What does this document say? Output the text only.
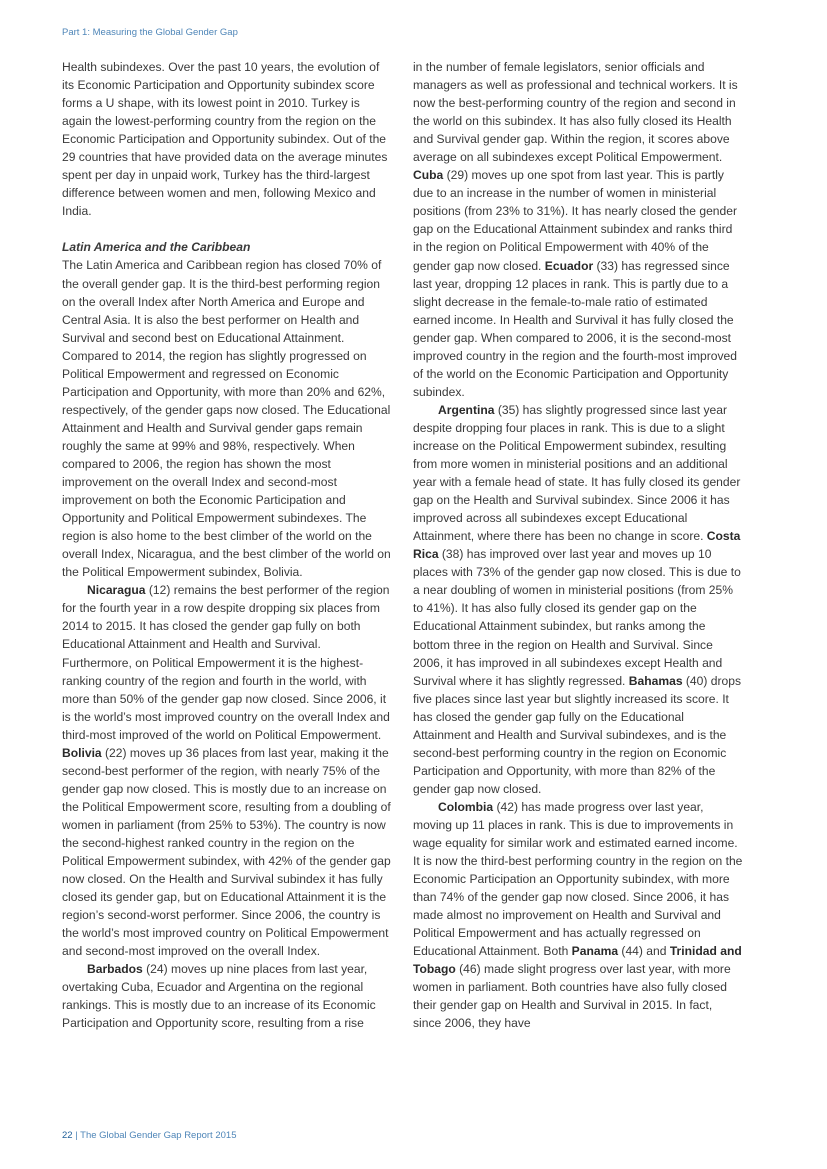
Part 1: Measuring the Global Gender Gap

Health subindexes. Over the past 10 years, the evolution of its Economic Participation and Opportunity subindex score forms a U shape, with its lowest point in 2010. Turkey is again the lowest-performing country from the region on the Economic Participation and Opportunity subindex. Out of the 29 countries that have provided data on the average minutes spent per day in unpaid work, Turkey has the third-largest difference between women and men, following Mexico and India.

Latin America and the Caribbean

The Latin America and Caribbean region has closed 70% of the overall gender gap. It is the third-best performing region on the overall Index after North America and Europe and Central Asia. It is also the best performer on Health and Survival and second best on Educational Attainment. Compared to 2014, the region has slightly progressed on Political Empowerment and regressed on Economic Participation and Opportunity, with more than 20% and 62%, respectively, of the gender gaps now closed. The Educational Attainment and Health and Survival gender gaps remain roughly the same at 99% and 98%, respectively. When compared to 2006, the region has shown the most improvement on the overall Index and second-most improvement on both the Economic Participation and Opportunity and Political Empowerment subindexes. The region is also home to the best climber of the world on the overall Index, Nicaragua, and the best climber of the world on the Political Empowerment subindex, Bolivia.

Nicaragua (12) remains the best performer of the region for the fourth year in a row despite dropping six places from 2014 to 2015. It has closed the gender gap fully on both Educational Attainment and Health and Survival. Furthermore, on Political Empowerment it is the highest-ranking country of the region and fourth in the world, with more than 50% of the gender gap now closed. Since 2006, it is the world’s most improved country on the overall Index and third-most improved of the world on Political Empowerment. Bolivia (22) moves up 36 places from last year, making it the second-best performer of the region, with nearly 75% of the gender gap now closed. This is mostly due to an increase on the Political Empowerment score, resulting from a doubling of women in parliament (from 25% to 53%). The country is now the second-highest ranked country in the region on the Political Empowerment subindex, with 42% of the gender gap now closed. On the Health and Survival subindex it has fully closed its gender gap, but on Educational Attainment it is the region’s second-worst performer. Since 2006, the country is the world’s most improved country on Political Empowerment and second-most improved on the overall Index.

Barbados (24) moves up nine places from last year, overtaking Cuba, Ecuador and Argentina on the regional rankings. This is mostly due to an increase of its Economic Participation and Opportunity score, resulting from a rise

in the number of female legislators, senior officials and managers as well as professional and technical workers. It is now the best-performing country of the region and second in the world on this subindex. It has also fully closed its Health and Survival gender gap. Within the region, it scores above average on all subindexes except Political Empowerment. Cuba (29) moves up one spot from last year. This is partly due to an increase in the number of women in ministerial positions (from 23% to 31%). It has nearly closed the gender gap on the Educational Attainment subindex and ranks third in the region on Political Empowerment with 40% of the gender gap now closed. Ecuador (33) has regressed since last year, dropping 12 places in rank. This is partly due to a slight decrease in the female-to-male ratio of estimated earned income. In Health and Survival it has fully closed the gender gap. When compared to 2006, it is the second-most improved country in the region and the fourth-most improved of the world on the Economic Participation and Opportunity subindex.

Argentina (35) has slightly progressed since last year despite dropping four places in rank. This is due to a slight increase on the Political Empowerment subindex, resulting from more women in ministerial positions and an additional year with a female head of state. It has fully closed its gender gap on the Health and Survival subindex. Since 2006 it has improved across all subindexes except Educational Attainment, where there has been no change in score. Costa Rica (38) has improved over last year and moves up 10 places with 73% of the gender gap now closed. This is due to a near doubling of women in ministerial positions (from 25% to 41%). It has also fully closed its gender gap on the Educational Attainment subindex, but ranks among the bottom three in the region on Health and Survival. Since 2006, it has improved in all subindexes except Health and Survival where it has slightly regressed. Bahamas (40) drops five places since last year but slightly increased its score. It has closed the gender gap fully on the Educational Attainment and Health and Survival subindexes, and is the second-best performing country in the region on Economic Participation and Opportunity, with more than 82% of the gender gap now closed.

Colombia (42) has made progress over last year, moving up 11 places in rank. This is due to improvements in wage equality for similar work and estimated earned income. It is now the third-best performing country in the region on the Economic Participation an Opportunity subindex, with more than 74% of the gender gap now closed. Since 2006, it has made almost no improvement on Health and Survival and Political Empowerment and has actually regressed on Educational Attainment. Both Panama (44) and Trinidad and Tobago (46) made slight progress over last year, with more women in parliament. Both countries have also fully closed their gender gap on Health and Survival in 2015. In fact, since 2006, they have

22 | The Global Gender Gap Report 2015
